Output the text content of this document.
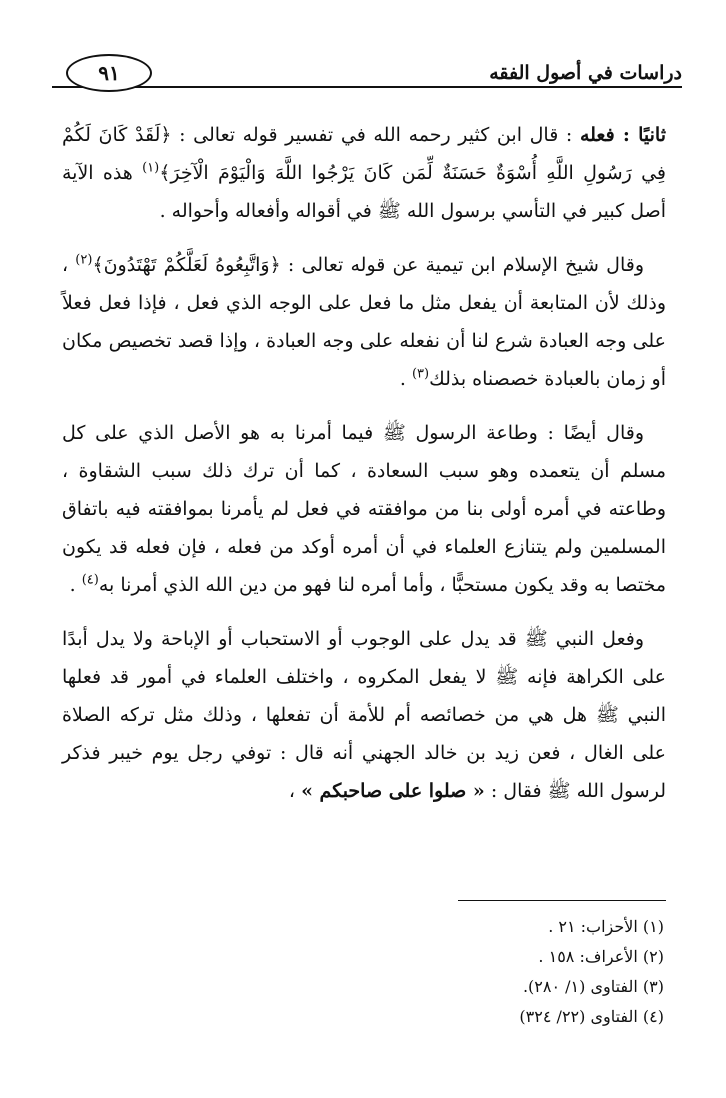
٩١	دراسات في أصول الفقه

ثانيًا : فعله : قال ابن كثير رحمه الله في تفسير قوله تعالى : ﴿لَقَدْ كَانَ لَكُمْ فِي رَسُولِ اللَّهِ أُسْوَةٌ حَسَنَةٌ لِّمَن كَانَ يَرْجُوا اللَّهَ وَالْيَوْمَ الْآخِرَ﴾$^{(١)}$ هذه الآية أصل كبير في التأسي برسول الله ﷺ في أقواله وأفعاله وأحواله .

وقال شيخ الإسلام ابن تيمية عن قوله تعالى : ﴿وَاتَّبِعُوهُ لَعَلَّكُمْ تَهْتَدُونَ﴾$^{(٢)}$ ، وذلك لأن المتابعة أن يفعل مثل ما فعل على الوجه الذي فعل ، فإذا فعل فعلاً على وجه العبادة شرع لنا أن نفعله على وجه العبادة ، وإذا قصد تخصيص مكان أو زمان بالعبادة خصصناه بذلك$^{(٣)}$ .

وقال أيضًا : وطاعة الرسول ﷺ فيما أمرنا به هو الأصل الذي على كل مسلم أن يتعمده وهو سبب السعادة ، كما أن ترك ذلك سبب الشقاوة ، وطاعته في أمره أولى بنا من موافقته في فعل لم يأمرنا بموافقته فيه باتفاق المسلمين ولم يتنازع العلماء في أن أمره أوكد من فعله ، فإن فعله قد يكون مختصا به وقد يكون مستحبًّا ، وأما أمره لنا فهو من دين الله الذي أمرنا به$^{(٤)}$ .

وفعل النبي ﷺ قد يدل على الوجوب أو الاستحباب أو الإباحة ولا يدل أبدًا على الكراهة فإنه ﷺ لا يفعل المكروه ، واختلف العلماء في أمور قد فعلها النبي ﷺ هل هي من خصائصه أم للأمة أن تفعلها ، وذلك مثل تركه الصلاة على الغال ، فعن زيد بن خالد الجهني أنه قال : توفي رجل يوم خيبر فذكر لرسول الله ﷺ فقال : « صلوا على صاحبكم » ،

(١) الأحزاب: ٢١ .
(٢) الأعراف: ١٥٨ .
(٣) الفتاوى (١/ ٢٨٠).
(٤) الفتاوى (٢٢/ ٣٢٤)
